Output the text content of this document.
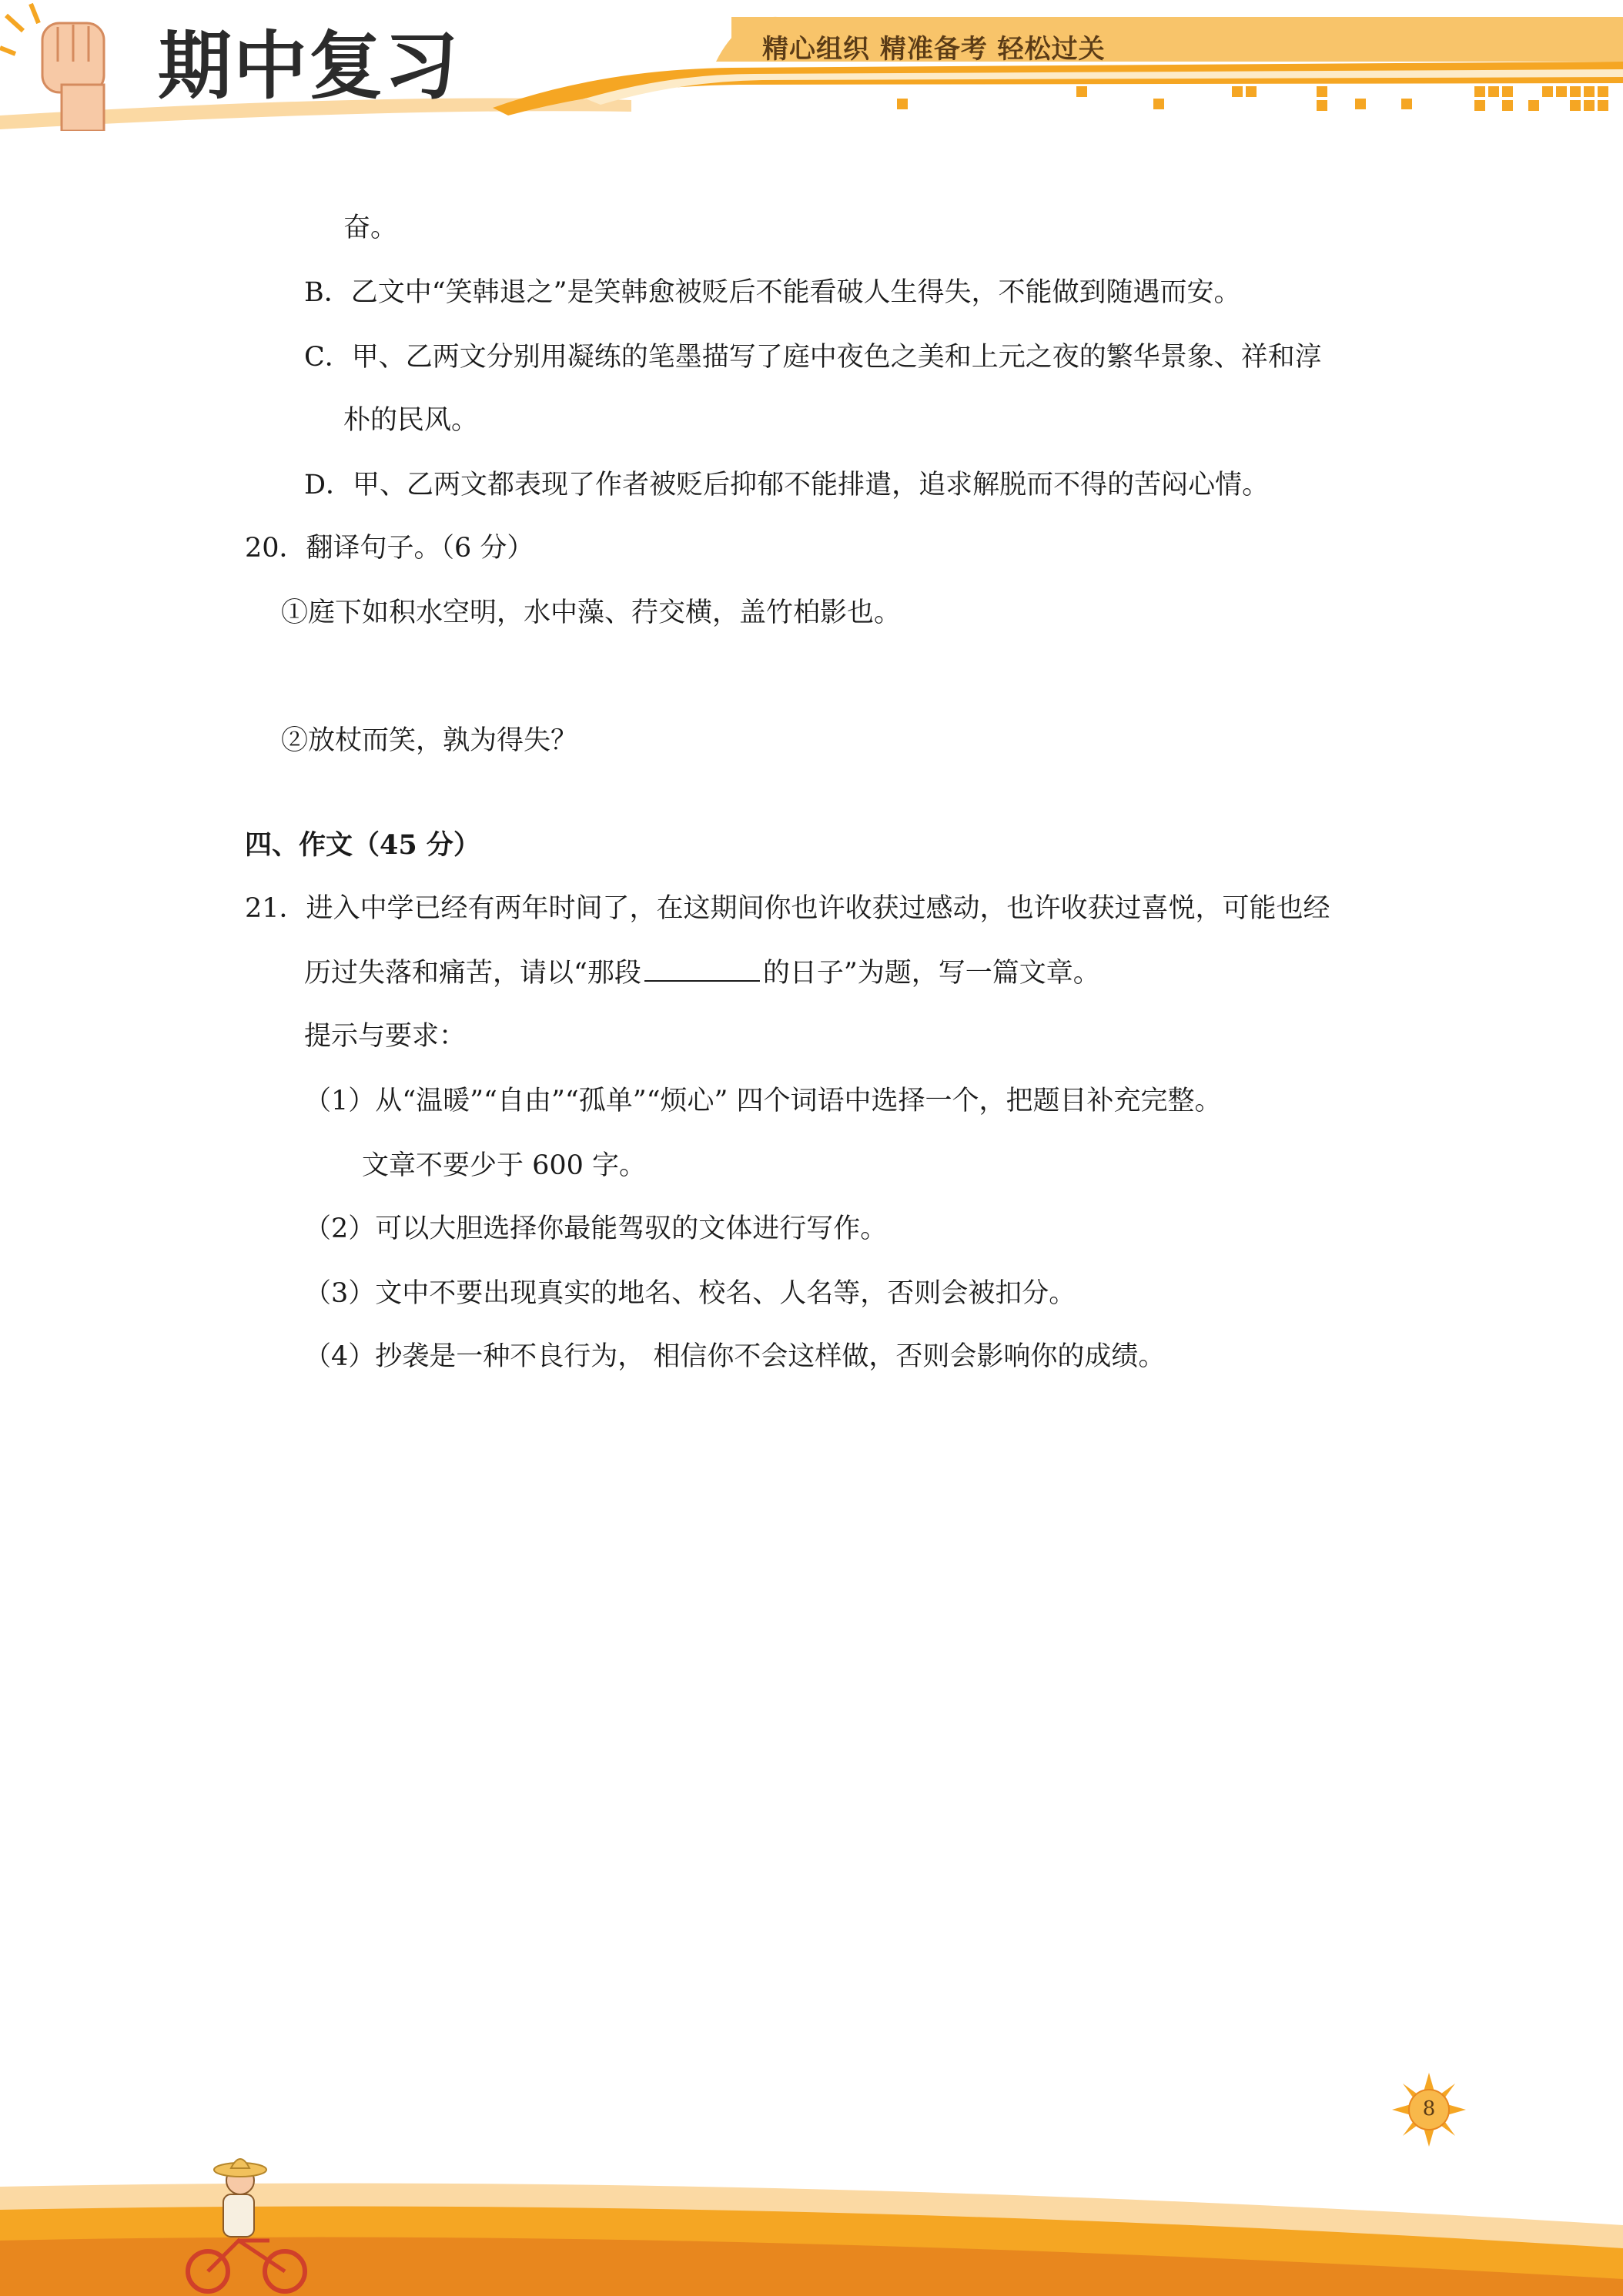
期中复习	精心组织 精准备考 轻松过关
奋。
B．乙文中“笑韩退之”是笑韩愈被贬后不能看破人生得失，不能做到随遇而安。
C．甲、乙两文分别用凝练的笔墨描写了庭中夜色之美和上元之夜的繁华景象、祥和淳
朴的民风。
D．甲、乙两文都表现了作者被贬后抑郁不能排遣，追求解脱而不得的苦闷心情。
20．翻译句子。（6 分）
①庭下如积水空明，水中藻、荇交横，盖竹柏影也。
②放杖而笑，孰为得失？
四、作文（45 分）
21．进入中学已经有两年时间了，在这期间你也许收获过感动，也许收获过喜悦，可能也经
历过失落和痛苦，请以“那段	的日子”为题，写一篇文章。
提示与要求：
（1）从“温暖”“自由”“孤单”“烦心” 四个词语中选择一个，把题目补充完整。
文章不要少于 600 字。
（2）可以大胆选择你最能驾驭的文体进行写作。
（3）文中不要出现真实的地名、校名、人名等，否则会被扣分。
（4）抄袭是一种不良行为， 相信你不会这样做，否则会影响你的成绩。
8
